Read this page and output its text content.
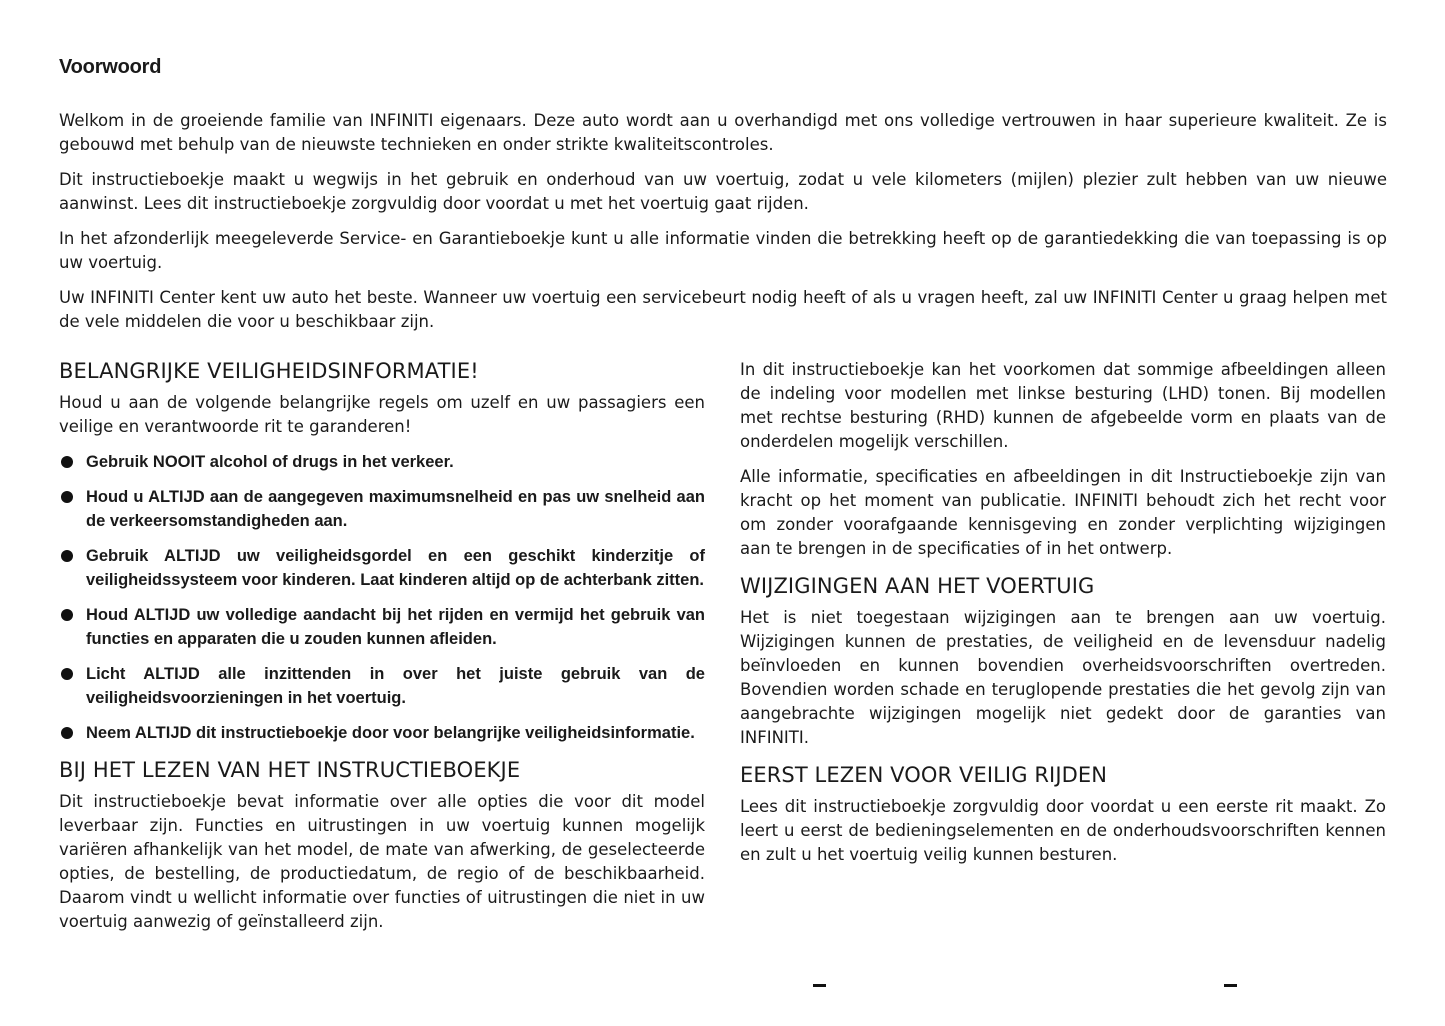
Voorwoord

Welkom in de groeiende familie van INFINITI eigenaars. Deze auto wordt aan u overhandigd met ons volledige vertrouwen in haar superieure kwaliteit. Ze is gebouwd met behulp van de nieuwste technieken en onder strikte kwaliteitscontroles.

Dit instructieboekje maakt u wegwijs in het gebruik en onderhoud van uw voertuig, zodat u vele kilometers (mijlen) plezier zult hebben van uw nieuwe aanwinst. Lees dit instructieboekje zorgvuldig door voordat u met het voertuig gaat rijden.

In het afzonderlijk meegeleverde Service- en Garantieboekje kunt u alle informatie vinden die betrekking heeft op de garantiedekking die van toepassing is op uw voertuig.

Uw INFINITI Center kent uw auto het beste. Wanneer uw voertuig een servicebeurt nodig heeft of als u vragen heeft, zal uw INFINITI Center u graag helpen met de vele middelen die voor u beschikbaar zijn.

BELANGRIJKE VEILIGHEIDSINFORMATIE!

Houd u aan de volgende belangrijke regels om uzelf en uw passagiers een veilige en verantwoorde rit te garanderen!

Gebruik NOOIT alcohol of drugs in het verkeer.
Houd u ALTIJD aan de aangegeven maximumsnelheid en pas uw snelheid aan de verkeersomstandigheden aan.
Gebruik ALTIJD uw veiligheidsgordel en een geschikt kinderzitje of veiligheidssysteem voor kinderen. Laat kinderen altijd op de achterbank zitten.
Houd ALTIJD uw volledige aandacht bij het rijden en vermijd het gebruik van functies en apparaten die u zouden kunnen afleiden.
Licht ALTIJD alle inzittenden in over het juiste gebruik van de veiligheidsvoorzieningen in het voertuig.
Neem ALTIJD dit instructieboekje door voor belangrijke veiligheidsinformatie.
BIJ HET LEZEN VAN HET INSTRUCTIEBOEKJE

Dit instructieboekje bevat informatie over alle opties die voor dit model leverbaar zijn. Functies en uitrustingen in uw voertuig kunnen mogelijk variëren afhankelijk van het model, de mate van afwerking, de geselecteerde opties, de bestelling, de productiedatum, de regio of de beschikbaarheid. Daarom vindt u wellicht informatie over functies of uitrustingen die niet in uw voertuig aanwezig of geïnstalleerd zijn.

In dit instructieboekje kan het voorkomen dat sommige afbeeldingen alleen de indeling voor modellen met linkse besturing (LHD) tonen. Bij modellen met rechtse besturing (RHD) kunnen de afgebeelde vorm en plaats van de onderdelen mogelijk verschillen.

Alle informatie, specificaties en afbeeldingen in dit Instructieboekje zijn van kracht op het moment van publicatie. INFINITI behoudt zich het recht voor om zonder voorafgaande kennisgeving en zonder verplichting wijzigingen aan te brengen in de specificaties of in het ontwerp.

WIJZIGINGEN AAN HET VOERTUIG

Het is niet toegestaan wijzigingen aan te brengen aan uw voertuig. Wijzigingen kunnen de prestaties, de veiligheid en de levensduur nadelig beïnvloeden en kunnen bovendien overheidsvoorschriften overtreden. Bovendien worden schade en teruglopende prestaties die het gevolg zijn van aangebrachte wijzigingen mogelijk niet gedekt door de garanties van INFINITI.

EERST LEZEN VOOR VEILIG RIJDEN

Lees dit instructieboekje zorgvuldig door voordat u een eerste rit maakt. Zo leert u eerst de bedieningselementen en de onderhoudsvoorschriften kennen en zult u het voertuig veilig kunnen besturen.
